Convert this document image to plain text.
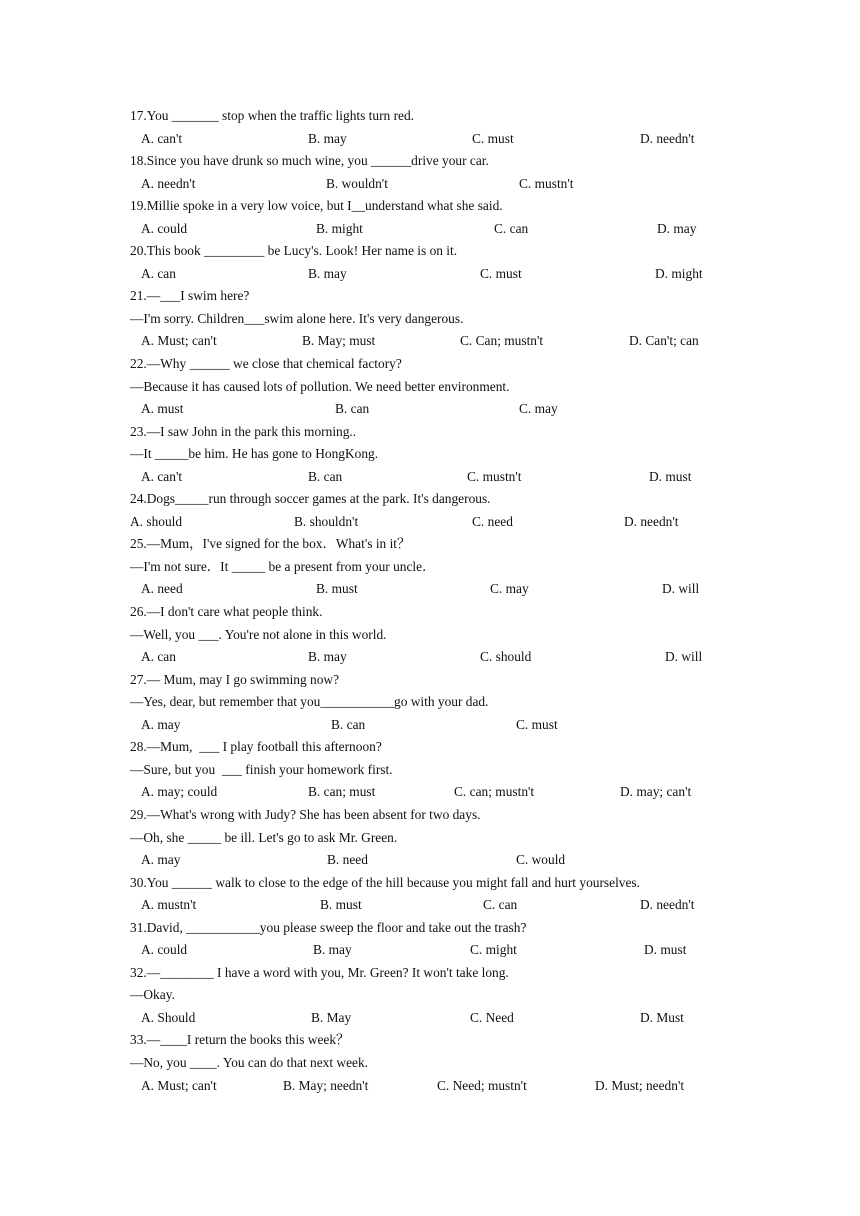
17.You _______ stop when the traffic lights turn red.
A. can't	B. may	C. must	D. needn't
18.Since you have drunk so much wine, you ______drive your car.
A. needn't	B. wouldn't	C. mustn't
19.Millie spoke in a very low voice, but I__understand what she said.
A. could	B. might	C. can	D. may
20.This book _________ be Lucy's. Look! Her name is on it.
A. can	B. may	C. must	D. might
21.—___I swim here?
—I'm sorry. Children___swim alone here. It's very dangerous.
A. Must; can't	B. May; must	C. Can; mustn't	D. Can't; can
22.—Why ______ we close that chemical factory?
—Because it has caused lots of pollution. We need better environment.
A. must	B. can	C. may
23.—I saw John in the park this morning..
—It _____be him. He has gone to HongKong.
A. can't	B. can	C. mustn't	D. must
24.Dogs_____run through soccer games at the park. It's dangerous.
A. should	B. shouldn't	C. need	D. needn't
25.—Mum，I've signed for the box．What's in it？
—I'm not sure．It _____ be a present from your uncle．
A. need	B. must	C. may	D. will
26.—I don't care what people think.
—Well, you ___. You're not alone in this world.
A. can	B. may	C. should	D. will
27.— Mum, may I go swimming now?
—Yes, dear, but remember that you___________go with your dad.
A. may	B. can	C. must
28.—Mum,  ___ I play football this afternoon?
—Sure, but you  ___ finish your homework first.
A. may; could	B. can; must	C. can; mustn't	D. may; can't
29.—What's wrong with Judy? She has been absent for two days.
—Oh, she _____ be ill. Let's go to ask Mr. Green.
A. may	B. need	C. would
30.You ______ walk to close to the edge of the hill because you might fall and hurt yourselves.
A. mustn't	B. must	C. can	D. needn't
31.David, ___________you please sweep the floor and take out the trash?
A. could	B. may	C. might	D. must
32.—________ I have a word with you, Mr. Green? It won't take long.
—Okay.
A. Should	B. May	C. Need	D. Must
33.—____I return the books this week？
—No, you ____. You can do that next week.
A. Must; can't	B. May; needn't	C. Need; mustn't	D. Must; needn't
